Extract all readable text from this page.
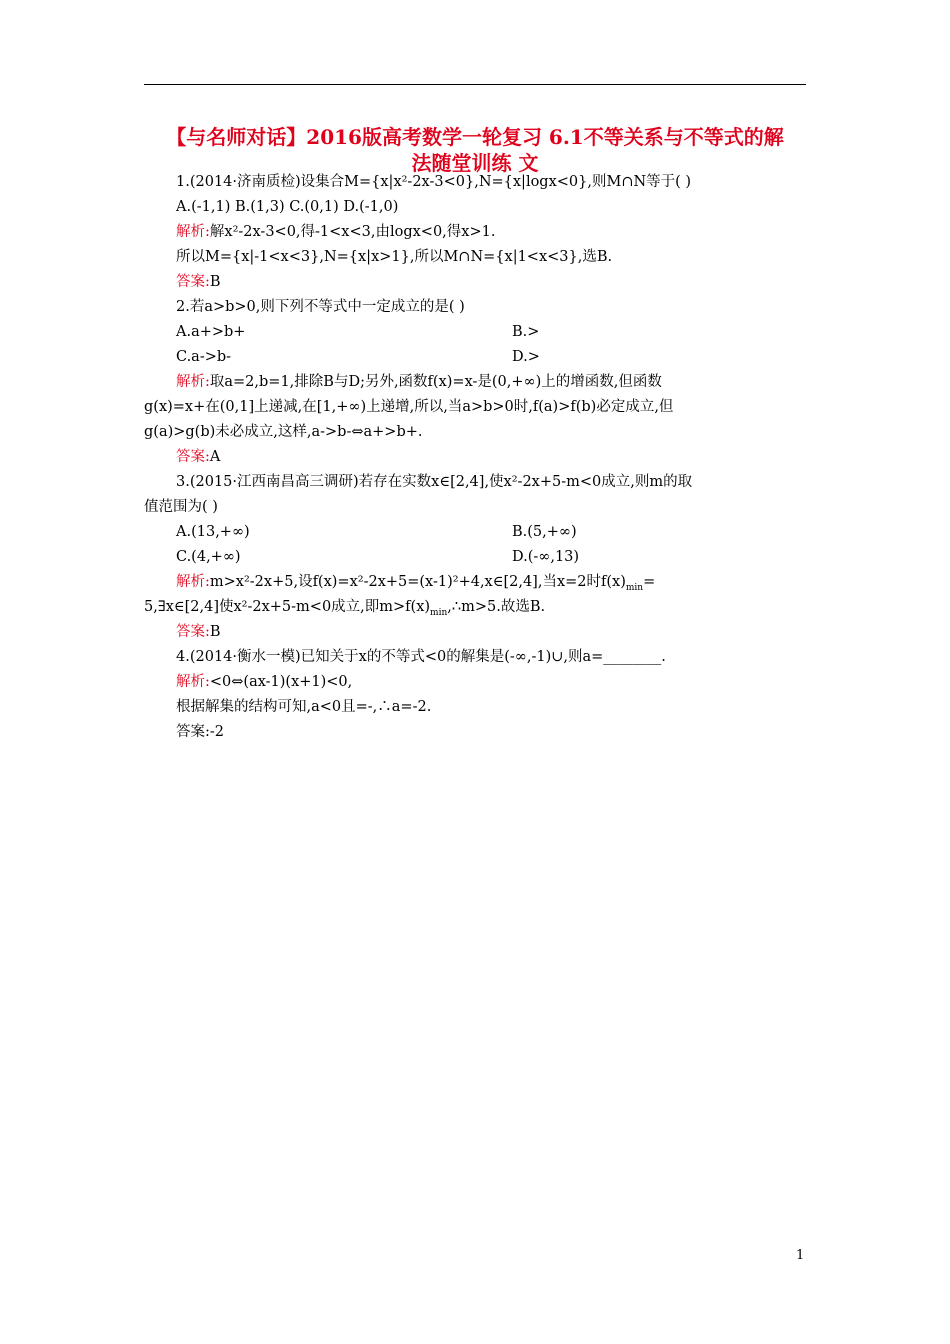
【与名师对话】2016版高考数学一轮复习 6.1不等关系与不等式的解
法随堂训练 文
1.(2014·济南质检)设集合M={x|x²-2x-3<0},N={x|logx<0},则M∩N等于( )
A.(-1,1) B.(1,3) C.(0,1) D.(-1,0)
解析:解x²-2x-3<0,得-1<x<3,由logx<0,得x>1.
所以M={x|-1<x<3},N={x|x>1},所以M∩N={x|1<x<3},选B.
答案:B
2.若a>b>0,则下列不等式中一定成立的是( )
A.a+>b+	B.>
C.a->b-	D.>
解析:取a=2,b=1,排除B与D;另外,函数f(x)=x-是(0,+∞)上的增函数,但函数
g(x)=x+在(0,1]上递减,在[1,+∞)上递增,所以,当a>b>0时,f(a)>f(b)必定成立,但
g(a)>g(b)未必成立,这样,a->b-⇔a+>b+.
答案:A
3.(2015·江西南昌高三调研)若存在实数x∈[2,4],使x²-2x+5-m<0成立,则m的取
值范围为( )
A.(13,+∞)	B.(5,+∞)
C.(4,+∞)	D.(-∞,13)
解析:m>x²-2x+5,设f(x)=x²-2x+5=(x-1)²+4,x∈[2,4],当x=2时$f(x)_{min}=$
5,∃x∈[2,4]使x²-2x+5-m<0成立,即$m>f(x)_{min},\therefore m>5$.故选B.
答案:B
4.(2014·衡水一模)已知关于x的不等式<0的解集是(-∞,-1)∪,则a=________.
解析:<0⇔(ax-1)(x+1)<0,
根据解集的结构可知,a<0且=-,∴a=-2.
答案:-2
1
